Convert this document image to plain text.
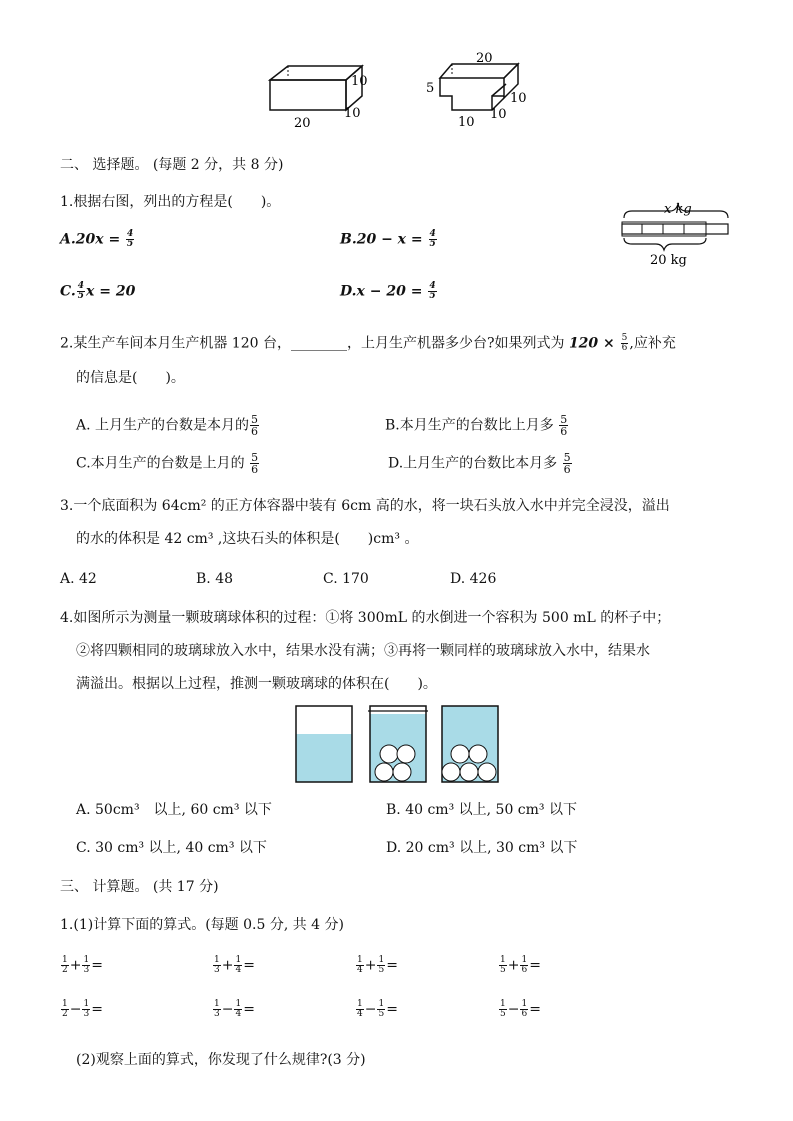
20
10
10
20
5
10
10
10
二、 选择题。 (每题 2 分，共 8 分)
1.根据右图，列出的方程是(　　)。
$A.20x = \frac{4}{5}$	$B.20 - x = \frac{4}{5}$
C. $\frac{4}{5}$ x = 20	$D.x - 20 = \frac{4}{5}$
x kg
20 kg
2.某生产车间本月生产机器 120 台，________，上月生产机器多少台?如果列式为 $120 \times \frac{5}{6}$ ,应补充
的信息是(　　)。
A. 上月生产的台数是本月的 $\frac{5}{6}$	B.本月生产的台数比上月多 $\frac{5}{6}$
C.本月生产的台数是上月的 $\frac{5}{6}$	D.上月生产的台数比本月多 $\frac{5}{6}$
3.一个底面积为 64cm² 的正方体容器中装有 6cm 高的水，将一块石头放入水中并完全浸没，溢出
的水的体积是 42 cm³ ,这块石头的体积是(　　)cm³ 。
A. 42	B. 48	C. 170	D. 426
4.如图所示为测量一颗玻璃球体积的过程：①将 300mL 的水倒进一个容积为 500 mL 的杯子中；
②将四颗相同的玻璃球放入水中，结果水没有满；③再将一颗同样的玻璃球放入水中，结果水
满溢出。根据以上过程，推测一颗玻璃球的体积在(　　)。
A. 50cm³　以上, 60 cm³ 以下	B. 40 cm³ 以上, 50 cm³ 以下
C. 30 cm³ 以上, 40 cm³ 以下	D. 20 cm³ 以上, 30 cm³ 以下
三、 计算题。 (共 17 分)
1.(1)计算下面的算式。(每题 0.5 分, 共 4 分)
(2)观察上面的算式，你发现了什么规律?(3 分)
$\frac{1}{2} + \frac{1}{3}$ =	$\frac{1}{3} + \frac{1}{4}$ =	$\frac{1}{4} + \frac{1}{5}$ =	$\frac{1}{5} + \frac{1}{6}$ =
$\frac{1}{2} - \frac{1}{3}$ =	$\frac{1}{3} - \frac{1}{4}$ =	$\frac{1}{4} - \frac{1}{5}$ =	$\frac{1}{5} - \frac{1}{6}$ =
